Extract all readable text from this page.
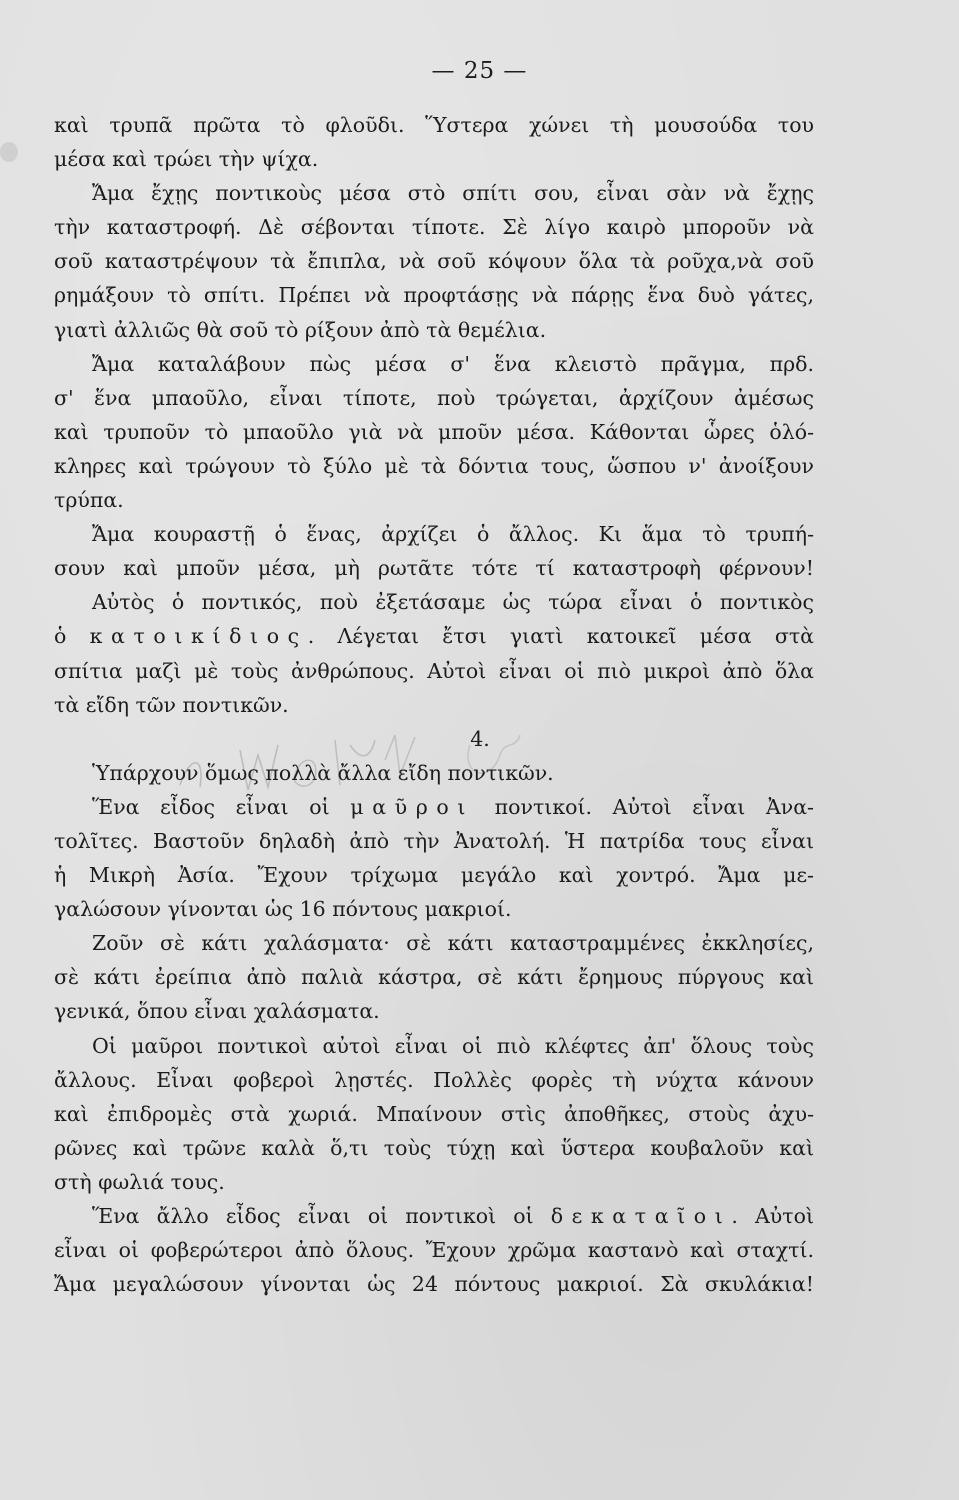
— 25 —
καὶ τρυπᾶ πρῶτα τὸ φλοῦδι. Ὕστερα χώνει τὴ μουσούδα του
μέσα καὶ τρώει τὴν ψίχα.
Ἄμα ἔχῃς ποντικοὺς μέσα στὸ σπίτι σου, εἶναι σὰν νὰ ἔχῃς
τὴν καταστροφή. Δὲ σέβονται τίποτε. Σὲ λίγο καιρὸ μποροῦν νὰ
σοῦ καταστρέψουν τὰ ἔπιπλα, νὰ σοῦ κόψουν ὅλα τὰ ροῦχα,νὰ σοῦ
ρημάξουν τὸ σπίτι. Πρέπει νὰ προφτάσῃς νὰ πάρῃς ἕνα δυὸ γάτες,
γιατὶ ἀλλιῶς θὰ σοῦ τὸ ρίξουν ἀπὸ τὰ θεμέλια.
Ἄμα καταλάβουν πὼς μέσα σ' ἕνα κλειστὸ πρᾶγμα, πρδ.
σ' ἕνα μπαοῦλο, εἶναι τίποτε, ποὺ τρώγεται, ἀρχίζουν ἀμέσως
καὶ τρυποῦν τὸ μπαοῦλο γιὰ νὰ μποῦν μέσα. Κάθονται ὧρες ὁλό-
κληρες καὶ τρώγουν τὸ ξύλο μὲ τὰ δόντια τους, ὥσπου ν' ἀνοίξουν
τρύπα.
Ἄμα κουραστῇ ὁ ἕνας, ἀρχίζει ὁ ἄλλος. Κι ἅμα τὸ τρυπή-
σουν καὶ μποῦν μέσα, μὴ ρωτᾶτε τότε τί καταστροφὴ φέρνουν!
Αὐτὸς ὁ ποντικός, ποὺ ἐξετάσαμε ὡς τώρα εἶναι ὁ ποντικὸς
ὁ κατοικίδιος. Λέγεται ἔτσι γιατὶ κατοικεῖ μέσα στὰ
σπίτια μαζὶ μὲ τοὺς ἀνθρώπους. Αὐτοὶ εἶναι οἱ πιὸ μικροὶ ἀπὸ ὅλα
τὰ εἴδη τῶν ποντικῶν.
4.
Ὑπάρχουν ὅμως πολλὰ ἄλλα εἴδη ποντικῶν.
Ἕνα εἶδος εἶναι οἱ μαῦροι ποντικοί. Αὐτοὶ εἶναι Ἀνα-
τολῖτες. Βαστοῦν δηλαδὴ ἀπὸ τὴν Ἀνατολή. Ἡ πατρίδα τους εἶναι
ἡ Μικρὴ Ἀσία. Ἔχουν τρίχωμα μεγάλο καὶ χοντρό. Ἄμα με-
γαλώσουν γίνονται ὡς 16 πόντους μακριοί.
Ζοῦν σὲ κάτι χαλάσματα· σὲ κάτι καταστραμμένες ἐκκλησίες,
σὲ κάτι ἐρείπια ἀπὸ παλιὰ κάστρα, σὲ κάτι ἔρημους πύργους καὶ
γενικά, ὅπου εἶναι χαλάσματα.
Οἱ μαῦροι ποντικοὶ αὐτοὶ εἶναι οἱ πιὸ κλέφτες ἀπ' ὅλους τοὺς
ἄλλους. Εἶναι φοβεροὶ λῃστές. Πολλὲς φορὲς τὴ νύχτα κάνουν
καὶ ἐπιδρομὲς στὰ χωριά. Μπαίνουν στὶς ἀποθῆκες, στοὺς ἀχυ-
ρῶνες καὶ τρῶνε καλὰ ὅ,τι τοὺς τύχῃ καὶ ὕστερα κουβαλοῦν καὶ
στὴ φωλιά τους.
Ἕνα ἄλλο εἶδος εἶναι οἱ ποντικοὶ οἱ δεκαταῖοι. Αὐτοὶ
εἶναι οἱ φοβερώτεροι ἀπὸ ὅλους. Ἔχουν χρῶμα καστανὸ καὶ σταχτί.
Ἄμα μεγαλώσουν γίνονται ὡς 24 πόντους μακριοί. Σὰ σκυλάκια!
